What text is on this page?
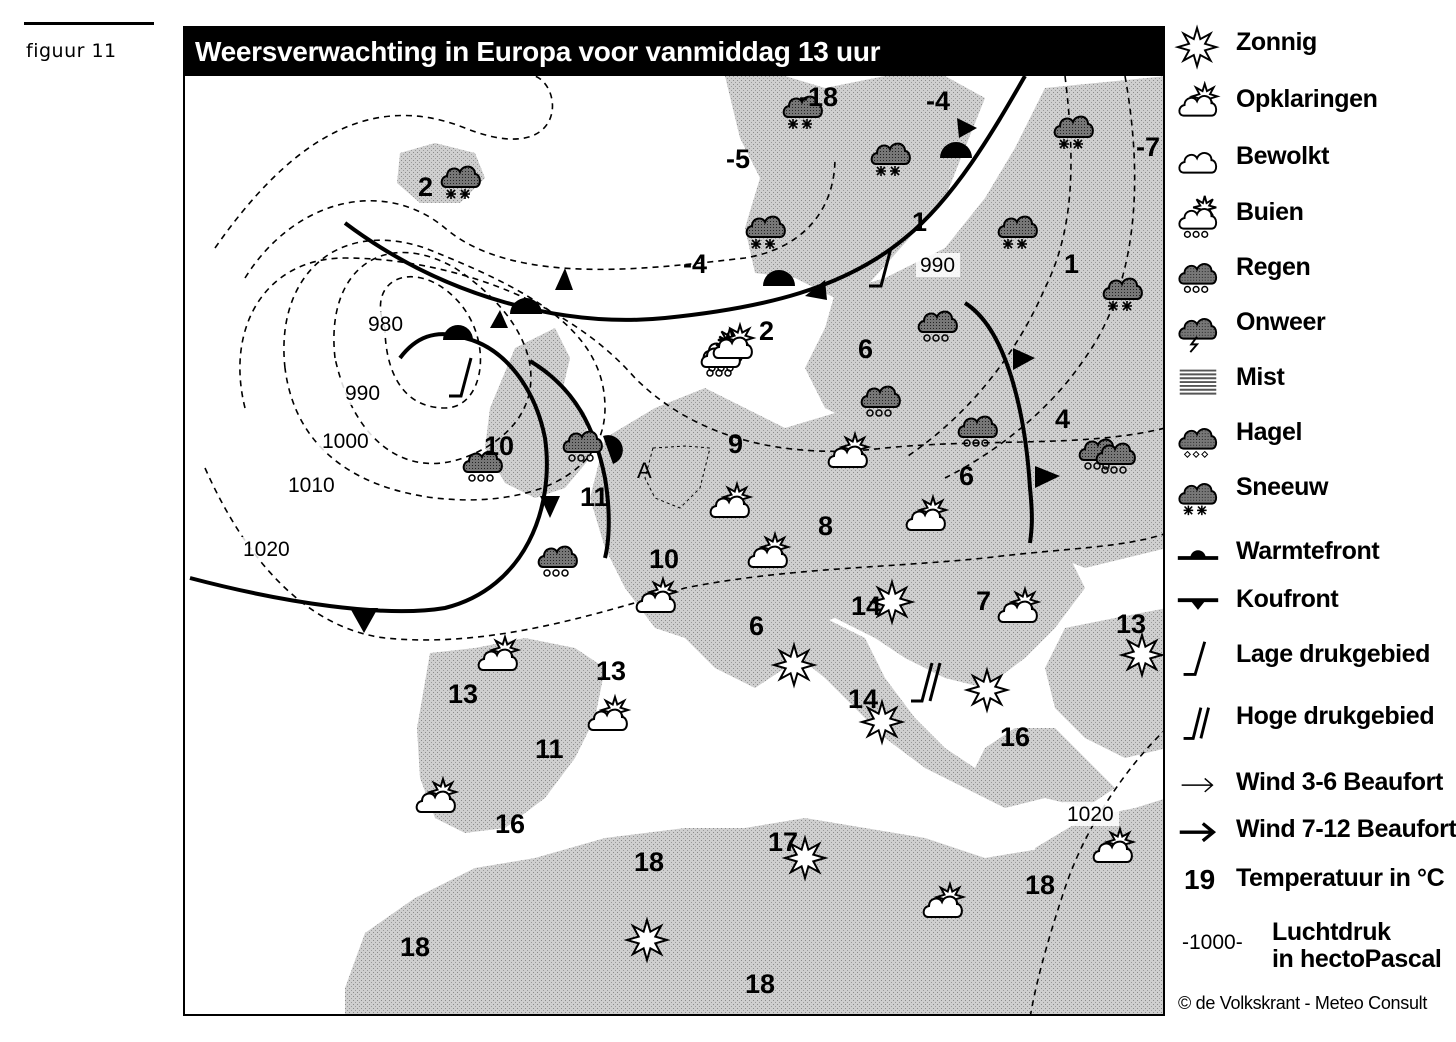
figuur 11
A
-18	-4
-5	-7
2
1
-4	1
2
6
4
10	9
11
6
8
10
14	7
13
6
13
13	14
16
11
16
17
18
18
18
18
980
990
1000
1010
1020
990
1020
Weersverwachting in Europa voor vanmiddag 13 uur	Zonnig
Opklaringen
Bewolkt
Buien
Regen
Onweer
Mist
Hagel
Sneeuw
Warmtefront
Koufront
Lage drukgebied
Hoge drukgebied
Wind 3-6 Beaufort
Wind 7-12 Beaufort
19 Temperatuur in °C
-1000- Luchtdruk
in hectoPascal
© de Volkskrant - Meteo Consult
